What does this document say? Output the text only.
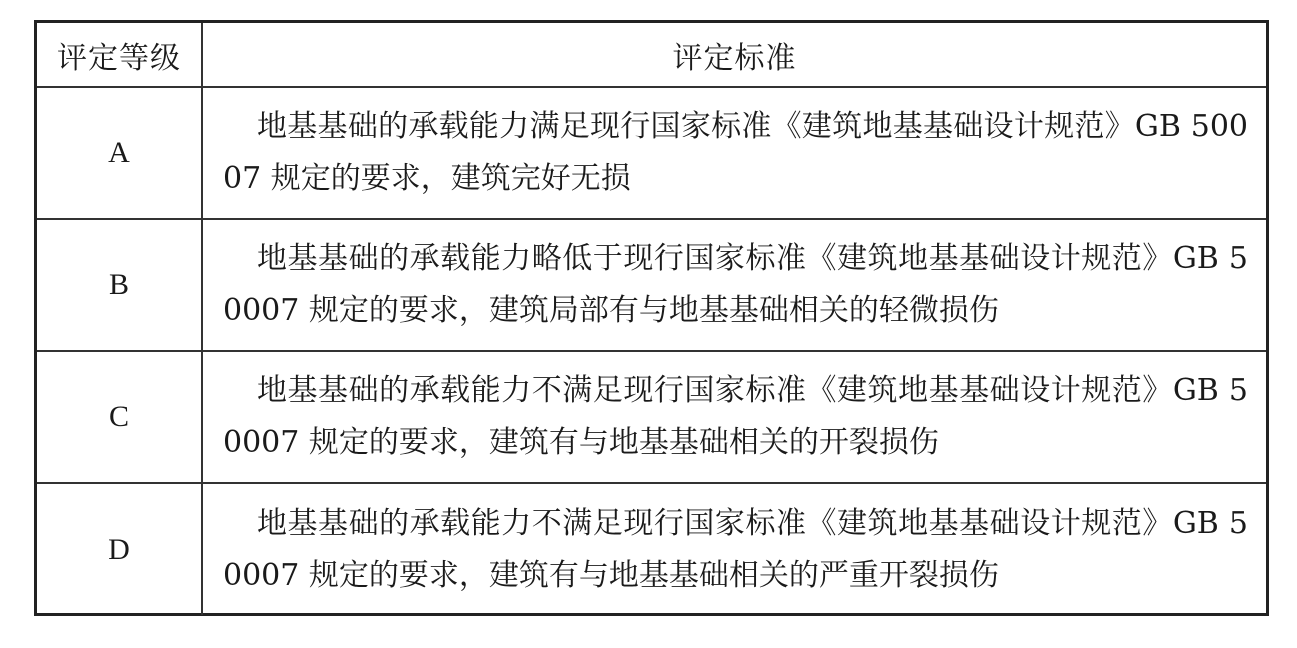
评定等级	评定标准
A	地基基础的承载能力满足现行国家标准《建筑地基基础设计规范》GB 50007 规定的要求，建筑完好无损

B	地基基础的承载能力略低于现行国家标准《建筑地基基础设计规范》GB 50007 规定的要求，建筑局部有与地基基础相关的轻微损伤

C	地基基础的承载能力不满足现行国家标准《建筑地基基础设计规范》GB 50007 规定的要求，建筑有与地基基础相关的开裂损伤

D	地基基础的承载能力不满足现行国家标准《建筑地基基础设计规范》GB 50007 规定的要求，建筑有与地基基础相关的严重开裂损伤
